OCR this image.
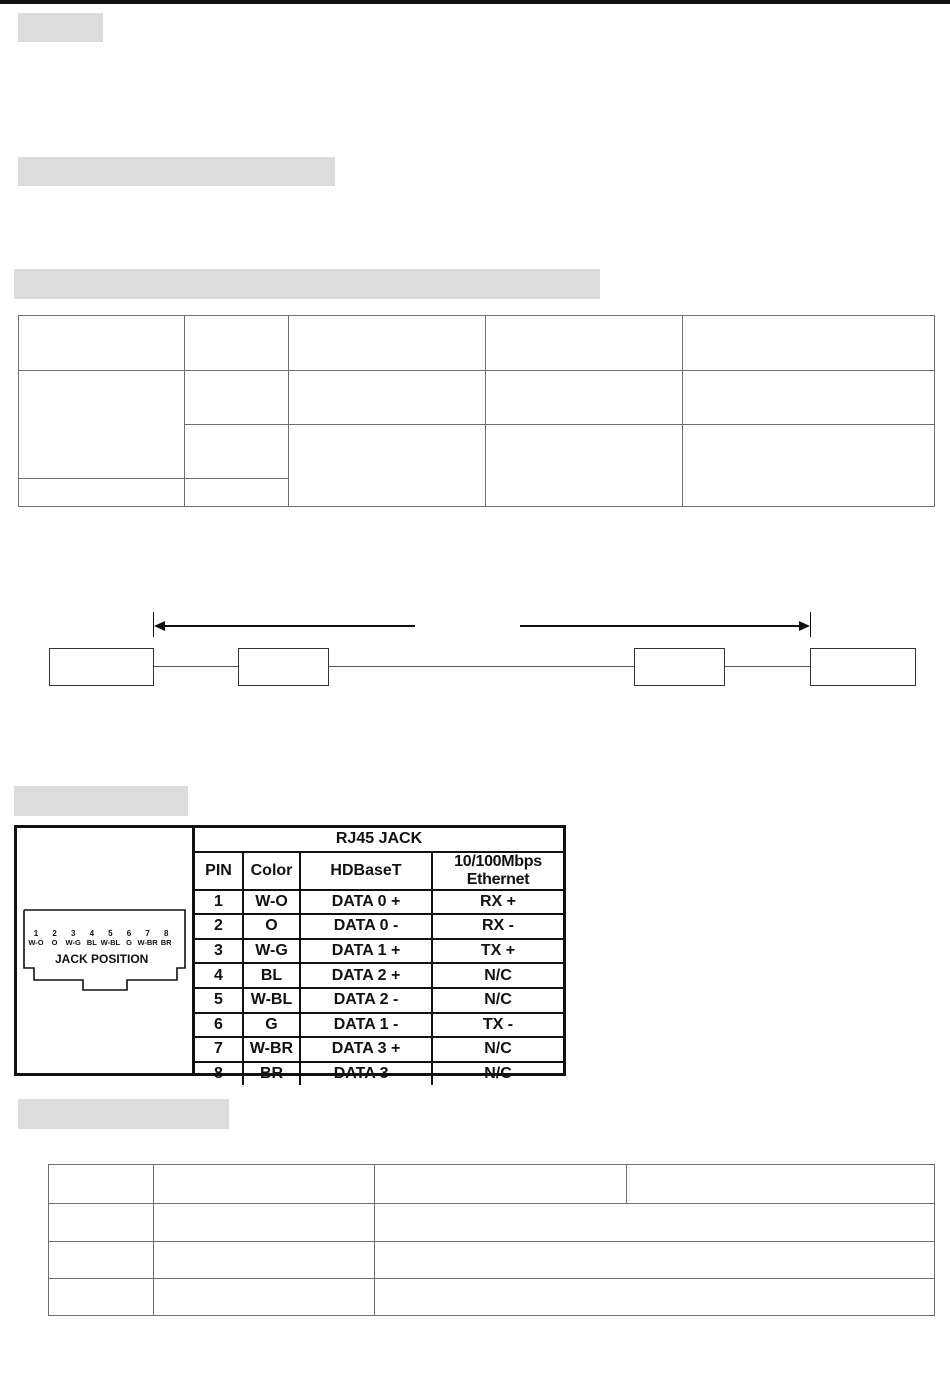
1
W-O
2
O
3
W-G
4
BL
5
W-BL
6
G
7
W-BR
8
BR
JACK POSITION
RJ45 JACK			
PIN	Color	HDBaseT	10/100Mbps Ethernet
1	W-O	DATA 0 +	RX +
2	O	DATA 0 -	RX -
3	W-G	DATA 1 +	TX +
4	BL	DATA 2 +	N/C
5	W-BL	DATA 2 -	N/C
6	G	DATA 1 -	TX -
7	W-BR	DATA 3 +	N/C
8	BR	DATA 3 -	N/C
